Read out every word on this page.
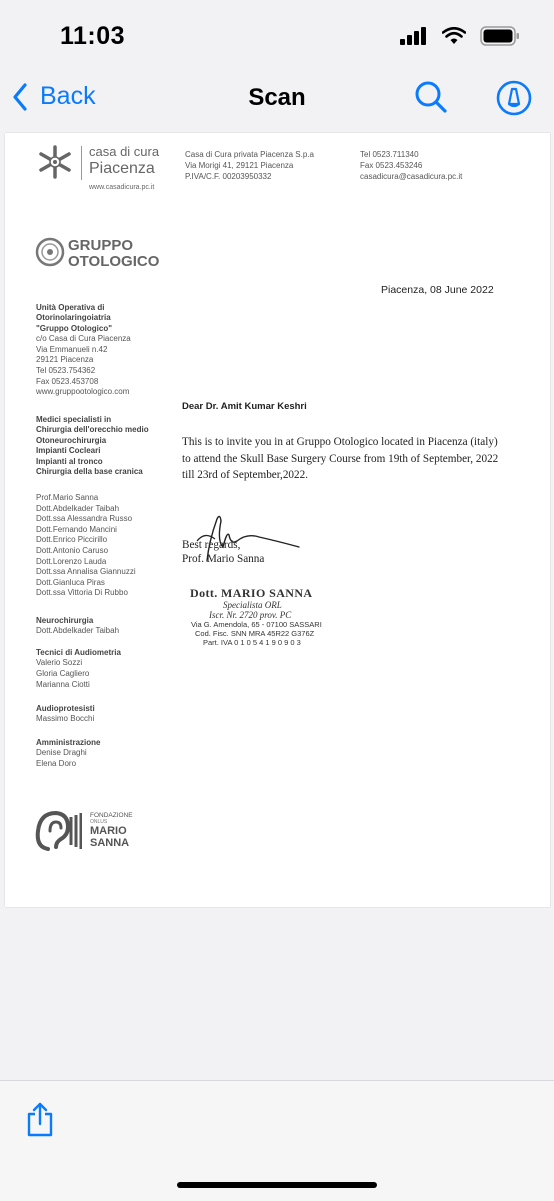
11:03
Back	Scan
casa di cura
Piacenza
www.casadicura.pc.it
Casa di Cura privata Piacenza S.p.a
Via Morigi 41, 29121 Piacenza
P.IVA/C.F. 00203950332
Tel 0523.711340
Fax 0523.453246
casadicura@casadicura.pc.it
GRUPPO
OTOLOGICO
Piacenza, 08 June 2022
Unità Operativa di
Otorinolaringoiatria
"Gruppo Otologico"
c/o Casa di Cura Piacenza
Via Emmanueli n.42
29121 Piacenza
Tel 0523.754362
Fax 0523.453708
www.gruppootologico.com
Medici specialisti in
Chirurgia dell'orecchio medio
Otoneurochirurgia
Impianti Cocleari
Impianti al tronco
Chirurgia della base cranica
Prof.Mario Sanna
Dott.Abdelkader Taibah
Dott.ssa Alessandra Russo
Dott.Fernando Mancini
Dott.Enrico Piccirillo
Dott.Antonio Caruso
Dott.Lorenzo Lauda
Dott.ssa Annalisa Giannuzzi
Dott.Gianluca Piras
Dott.ssa Vittoria Di Rubbo
Neurochirurgia
Dott.Abdelkader Taibah
Tecnici di Audiometria
Valerio Sozzi
Gloria Cagliero
Marianna Ciotti
Audioprotesisti
Massimo Bocchi
Amministrazione
Denise Draghi
Elena Doro
FONDAZIONE
ONLUS
MARIO
SANNA
Dear Dr. Amit Kumar Keshri
This is to invite you in at Gruppo Otologico located in Piacenza (italy)
to attend the Skull Base Surgery Course from 19th of September, 2022
till 23rd of September,2022.
Best regards,
Prof. Mario Sanna
Dott. MARIO SANNA
Specialista ORL
Iscr. Nr. 2720 prov. PC
Via G. Amendola, 65 - 07100 SASSARI
Cod. Fisc. SNN MRA 45R22 G376Z
Part. IVA 0 1 0 5 4 1 9 0 9 0 3
